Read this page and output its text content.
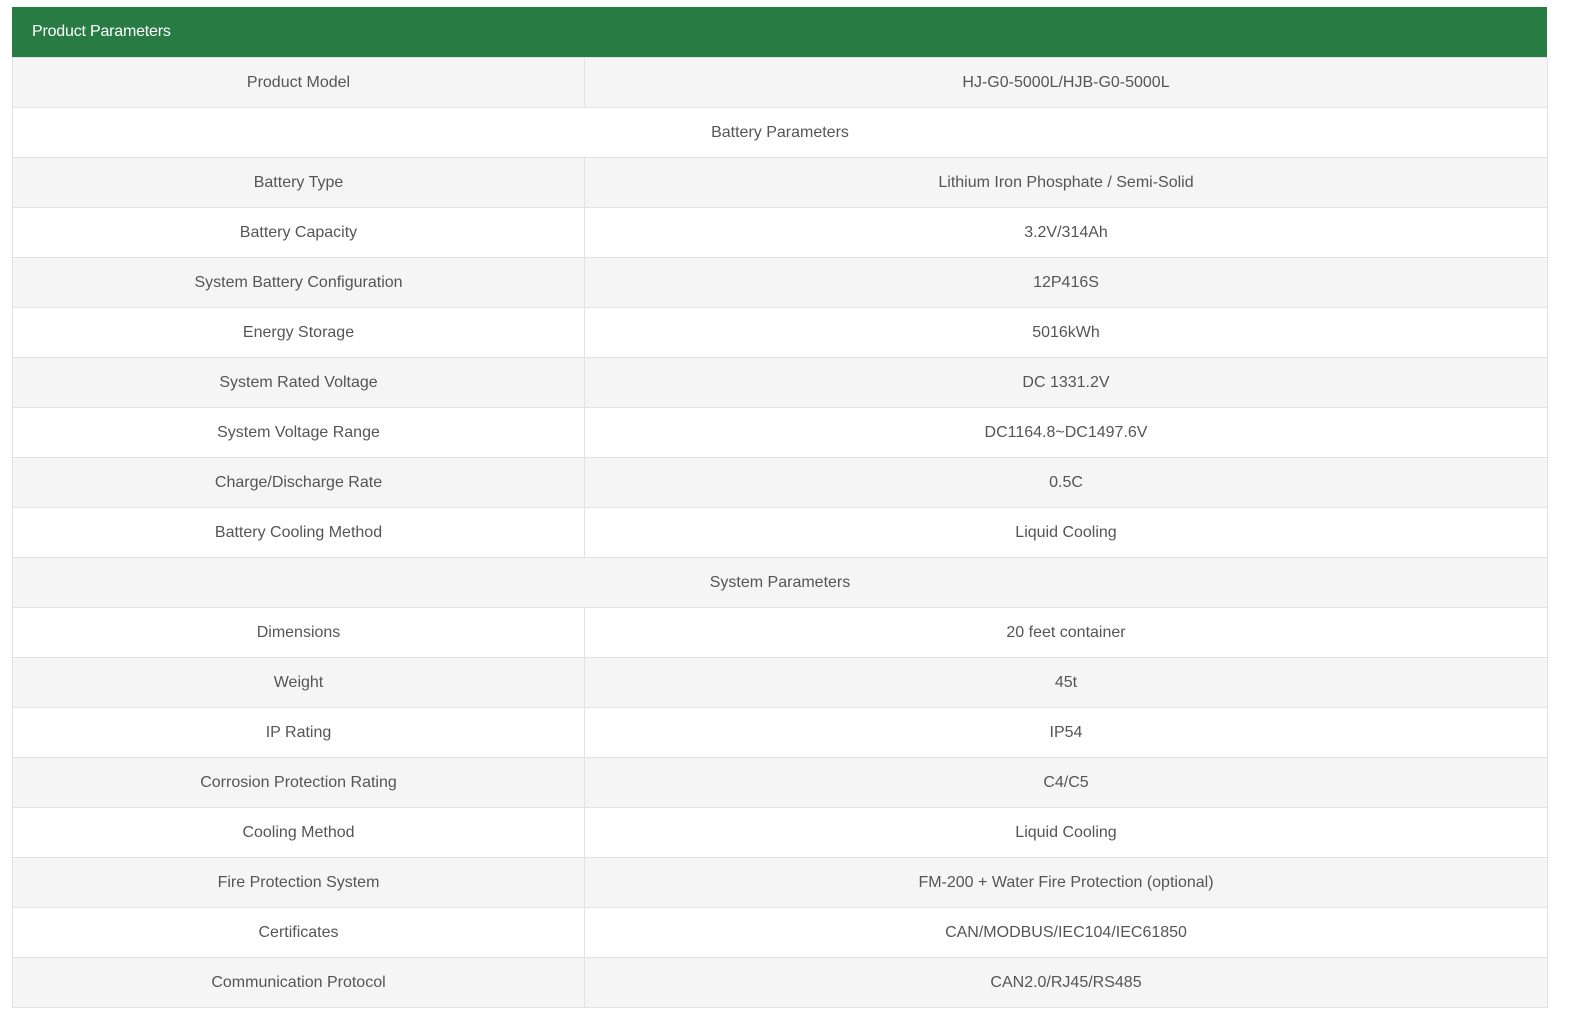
Product Parameters
Product Model	HJ-G0-5000L/HJB-G0-5000L
Battery Parameters	
Battery Type	Lithium Iron Phosphate / Semi-Solid
Battery Capacity	3.2V/314Ah
System Battery Configuration	12P416S
Energy Storage	5016kWh
System Rated Voltage	DC 1331.2V
System Voltage Range	DC1164.8~DC1497.6V
Charge/Discharge Rate	0.5C
Battery Cooling Method	Liquid Cooling
System Parameters	
Dimensions	20 feet container
Weight	45t
IP Rating	IP54
Corrosion Protection Rating	C4/C5
Cooling Method	Liquid Cooling
Fire Protection System	FM-200 + Water Fire Protection (optional)
Certificates	CAN/MODBUS/IEC104/IEC61850
Communication Protocol	CAN2.0/RJ45/RS485
